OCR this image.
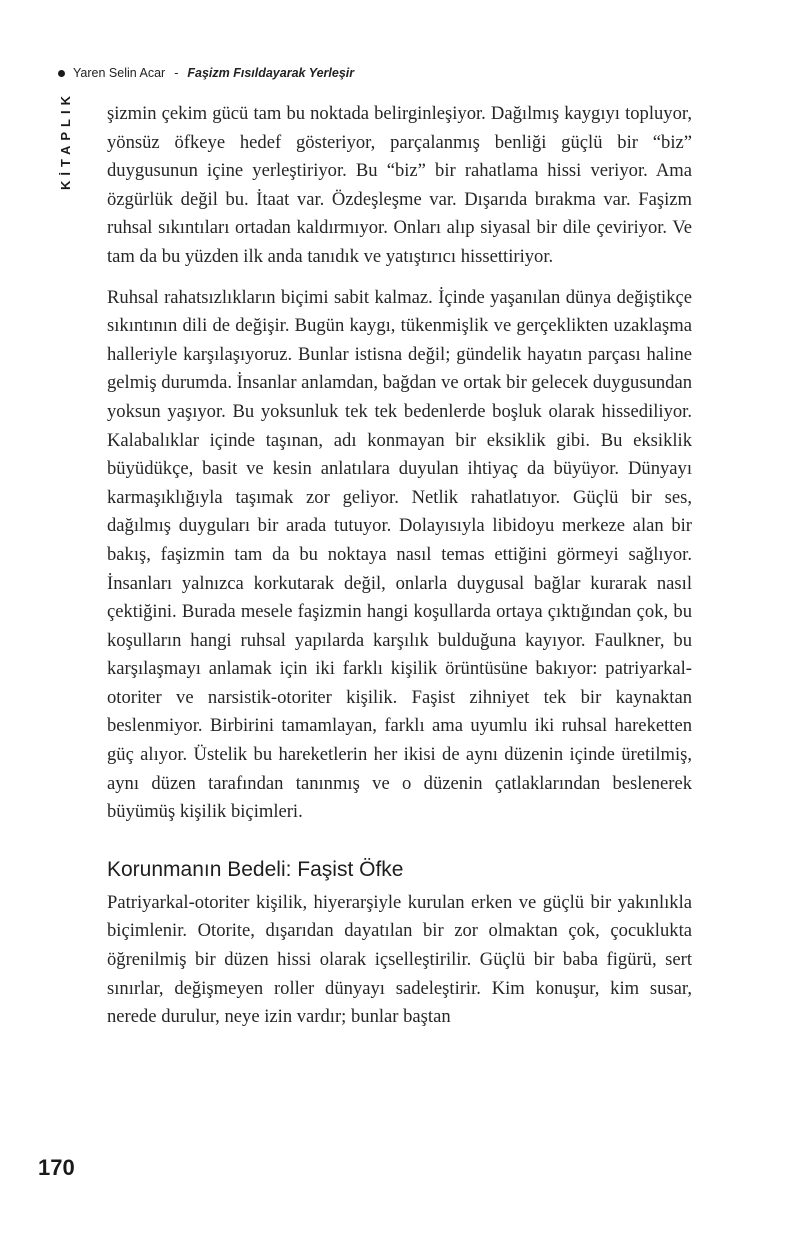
Yaren Selin Acar - Faşizm Fısıldayarak Yerleşir
KİTAPLIK şizmin çekim gücü tam bu noktada belirginleşiyor. Dağılmış kaygıyı topluyor, yönsüz öfkeye hedef gösteriyor, parçalanmış benliği güçlü bir “biz” duygusunun içine yerleştiriyor. Bu “biz” bir rahatlama hissi veriyor. Ama özgürlük değil bu. İtaat var. Özdeşleşme var. Dışarıda bırakma var. Faşizm ruhsal sıkıntıları ortadan kaldırmıyor. Onları alıp siyasal bir dile çeviriyor. Ve tam da bu yüzden ilk anda tanıdık ve yatıştırıcı hissettiriyor.

Ruhsal rahatsızlıkların biçimi sabit kalmaz. İçinde yaşanılan dünya değiştikçe sıkıntının dili de değişir. Bugün kaygı, tükenmişlik ve gerçeklikten uzaklaşma halleriyle karşılaşıyoruz. Bunlar istisna değil; gündelik hayatın parçası haline gelmiş durumda. İnsanlar anlamdan, bağdan ve ortak bir gelecek duygusundan yoksun yaşıyor. Bu yoksunluk tek tek bedenlerde boşluk olarak hissediliyor. Kalabalıklar içinde taşınan, adı konmayan bir eksiklik gibi. Bu eksiklik büyüdükçe, basit ve kesin anlatılara duyulan ihtiyaç da büyüyor. Dünyayı karmaşıklığıyla taşımak zor geliyor. Netlik rahatlatıyor. Güçlü bir ses, dağılmış duyguları bir arada tutuyor. Dolayısıyla libidoyu merkeze alan bir bakış, faşizmin tam da bu noktaya nasıl temas ettiğini görmeyi sağlıyor. İnsanları yalnızca korkutarak değil, onlarla duygusal bağlar kurarak nasıl çektiğini. Burada mesele faşizmin hangi koşullarda ortaya çıktığından çok, bu koşulların hangi ruhsal yapılarda karşılık bulduğuna kayıyor. Faulkner, bu karşılaşmayı anlamak için iki farklı kişilik örüntüsüne bakıyor: patriyarkal- otoriter ve narsistik-otoriter kişilik. Faşist zihniyet tek bir kaynaktan beslenmiyor. Birbirini tamamlayan, farklı ama uyumlu iki ruhsal hareketten güç alıyor. Üstelik bu hareketlerin her ikisi de aynı düzenin içinde üretilmiş, aynı düzen tarafından tanınmış ve o düzenin çatlaklarından beslenerek büyümüş kişilik biçimleri.

Korunmanın Bedeli: Faşist Öfke

Patriyarkal-otoriter kişilik, hiyerarşiyle kurulan erken ve güçlü bir yakınlıkla biçimlenir. Otorite, dışarıdan dayatılan bir zor olmaktan çok, çocuklukta öğrenilmiş bir düzen hissi olarak içselleştirilir. Güçlü bir baba figürü, sert sınırlar, değişmeyen roller dünyayı sadeleştirir. Kim konuşur, kim susar, nerede durulur, neye izin vardır; bunlar baştan

170
